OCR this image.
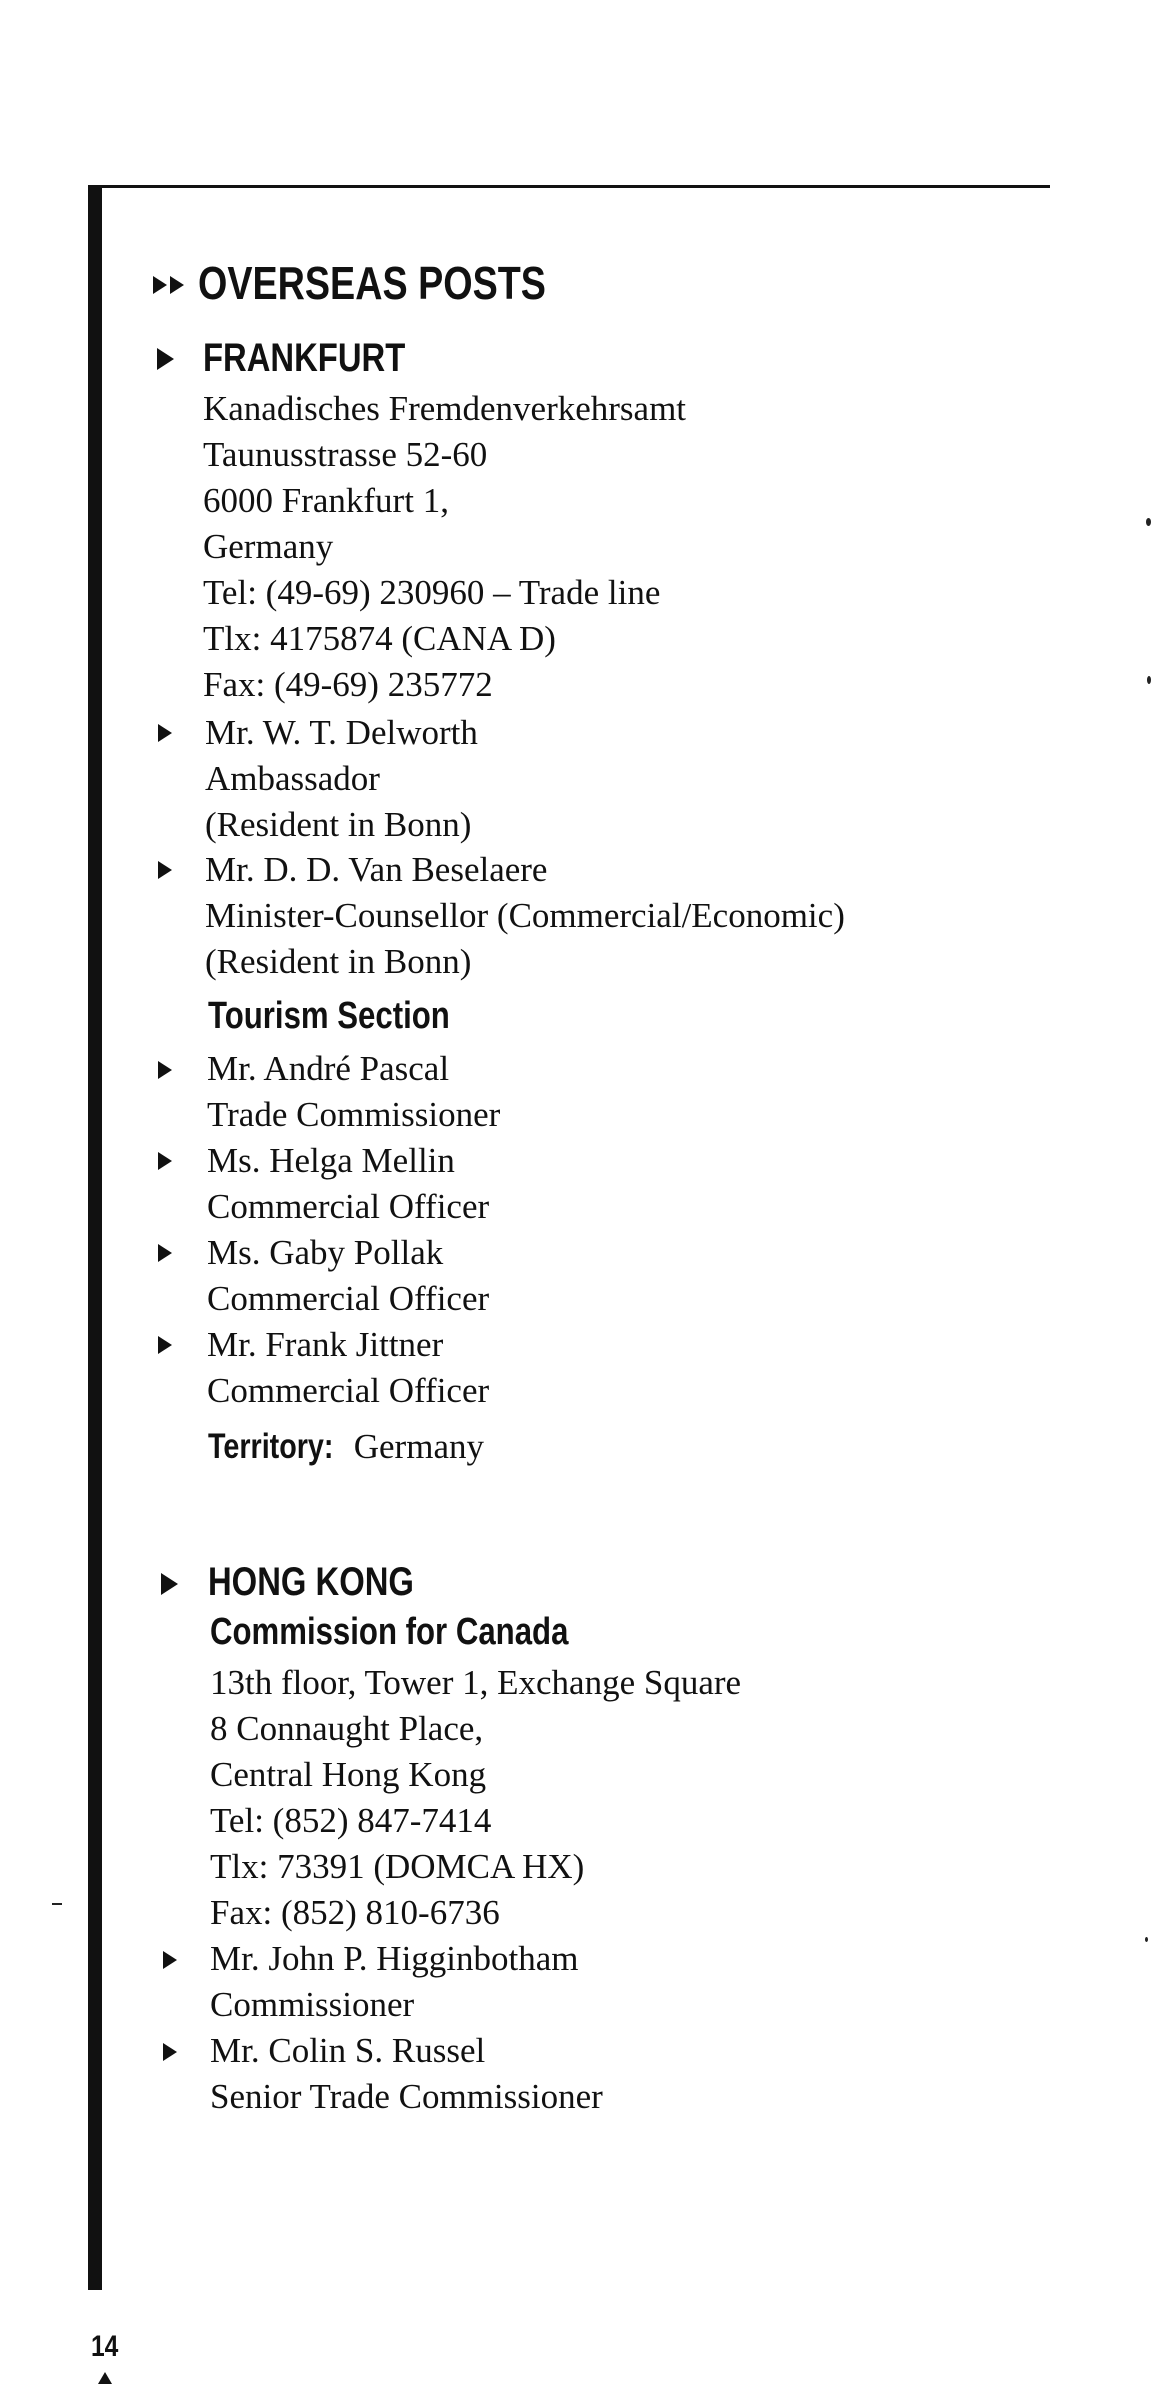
OVERSEAS POSTS
FRANKFURT
Kanadisches Fremdenverkehrsamt
Taunusstrasse 52-60
6000 Frankfurt 1,
Germany
Tel: (49-69) 230960 – Trade line
Tlx: 4175874 (CANA D)
Fax: (49-69) 235772
Mr. W. T. Delworth
Ambassador
(Resident in Bonn)
Mr. D. D. Van Beselaere
Minister-Counsellor (Commercial/Economic)
(Resident in Bonn)
Tourism Section
Mr. André Pascal
Trade Commissioner
Ms. Helga Mellin
Commercial Officer
Ms. Gaby Pollak
Commercial Officer
Mr. Frank Jittner
Commercial Officer
Territory: Germany
HONG KONG
Commission for Canada
13th floor, Tower 1, Exchange Square
8 Connaught Place,
Central Hong Kong
Tel: (852) 847-7414
Tlx: 73391 (DOMCA HX)
Fax: (852) 810-6736
Mr. John P. Higginbotham
Commissioner
Mr. Colin S. Russel
Senior Trade Commissioner
14
